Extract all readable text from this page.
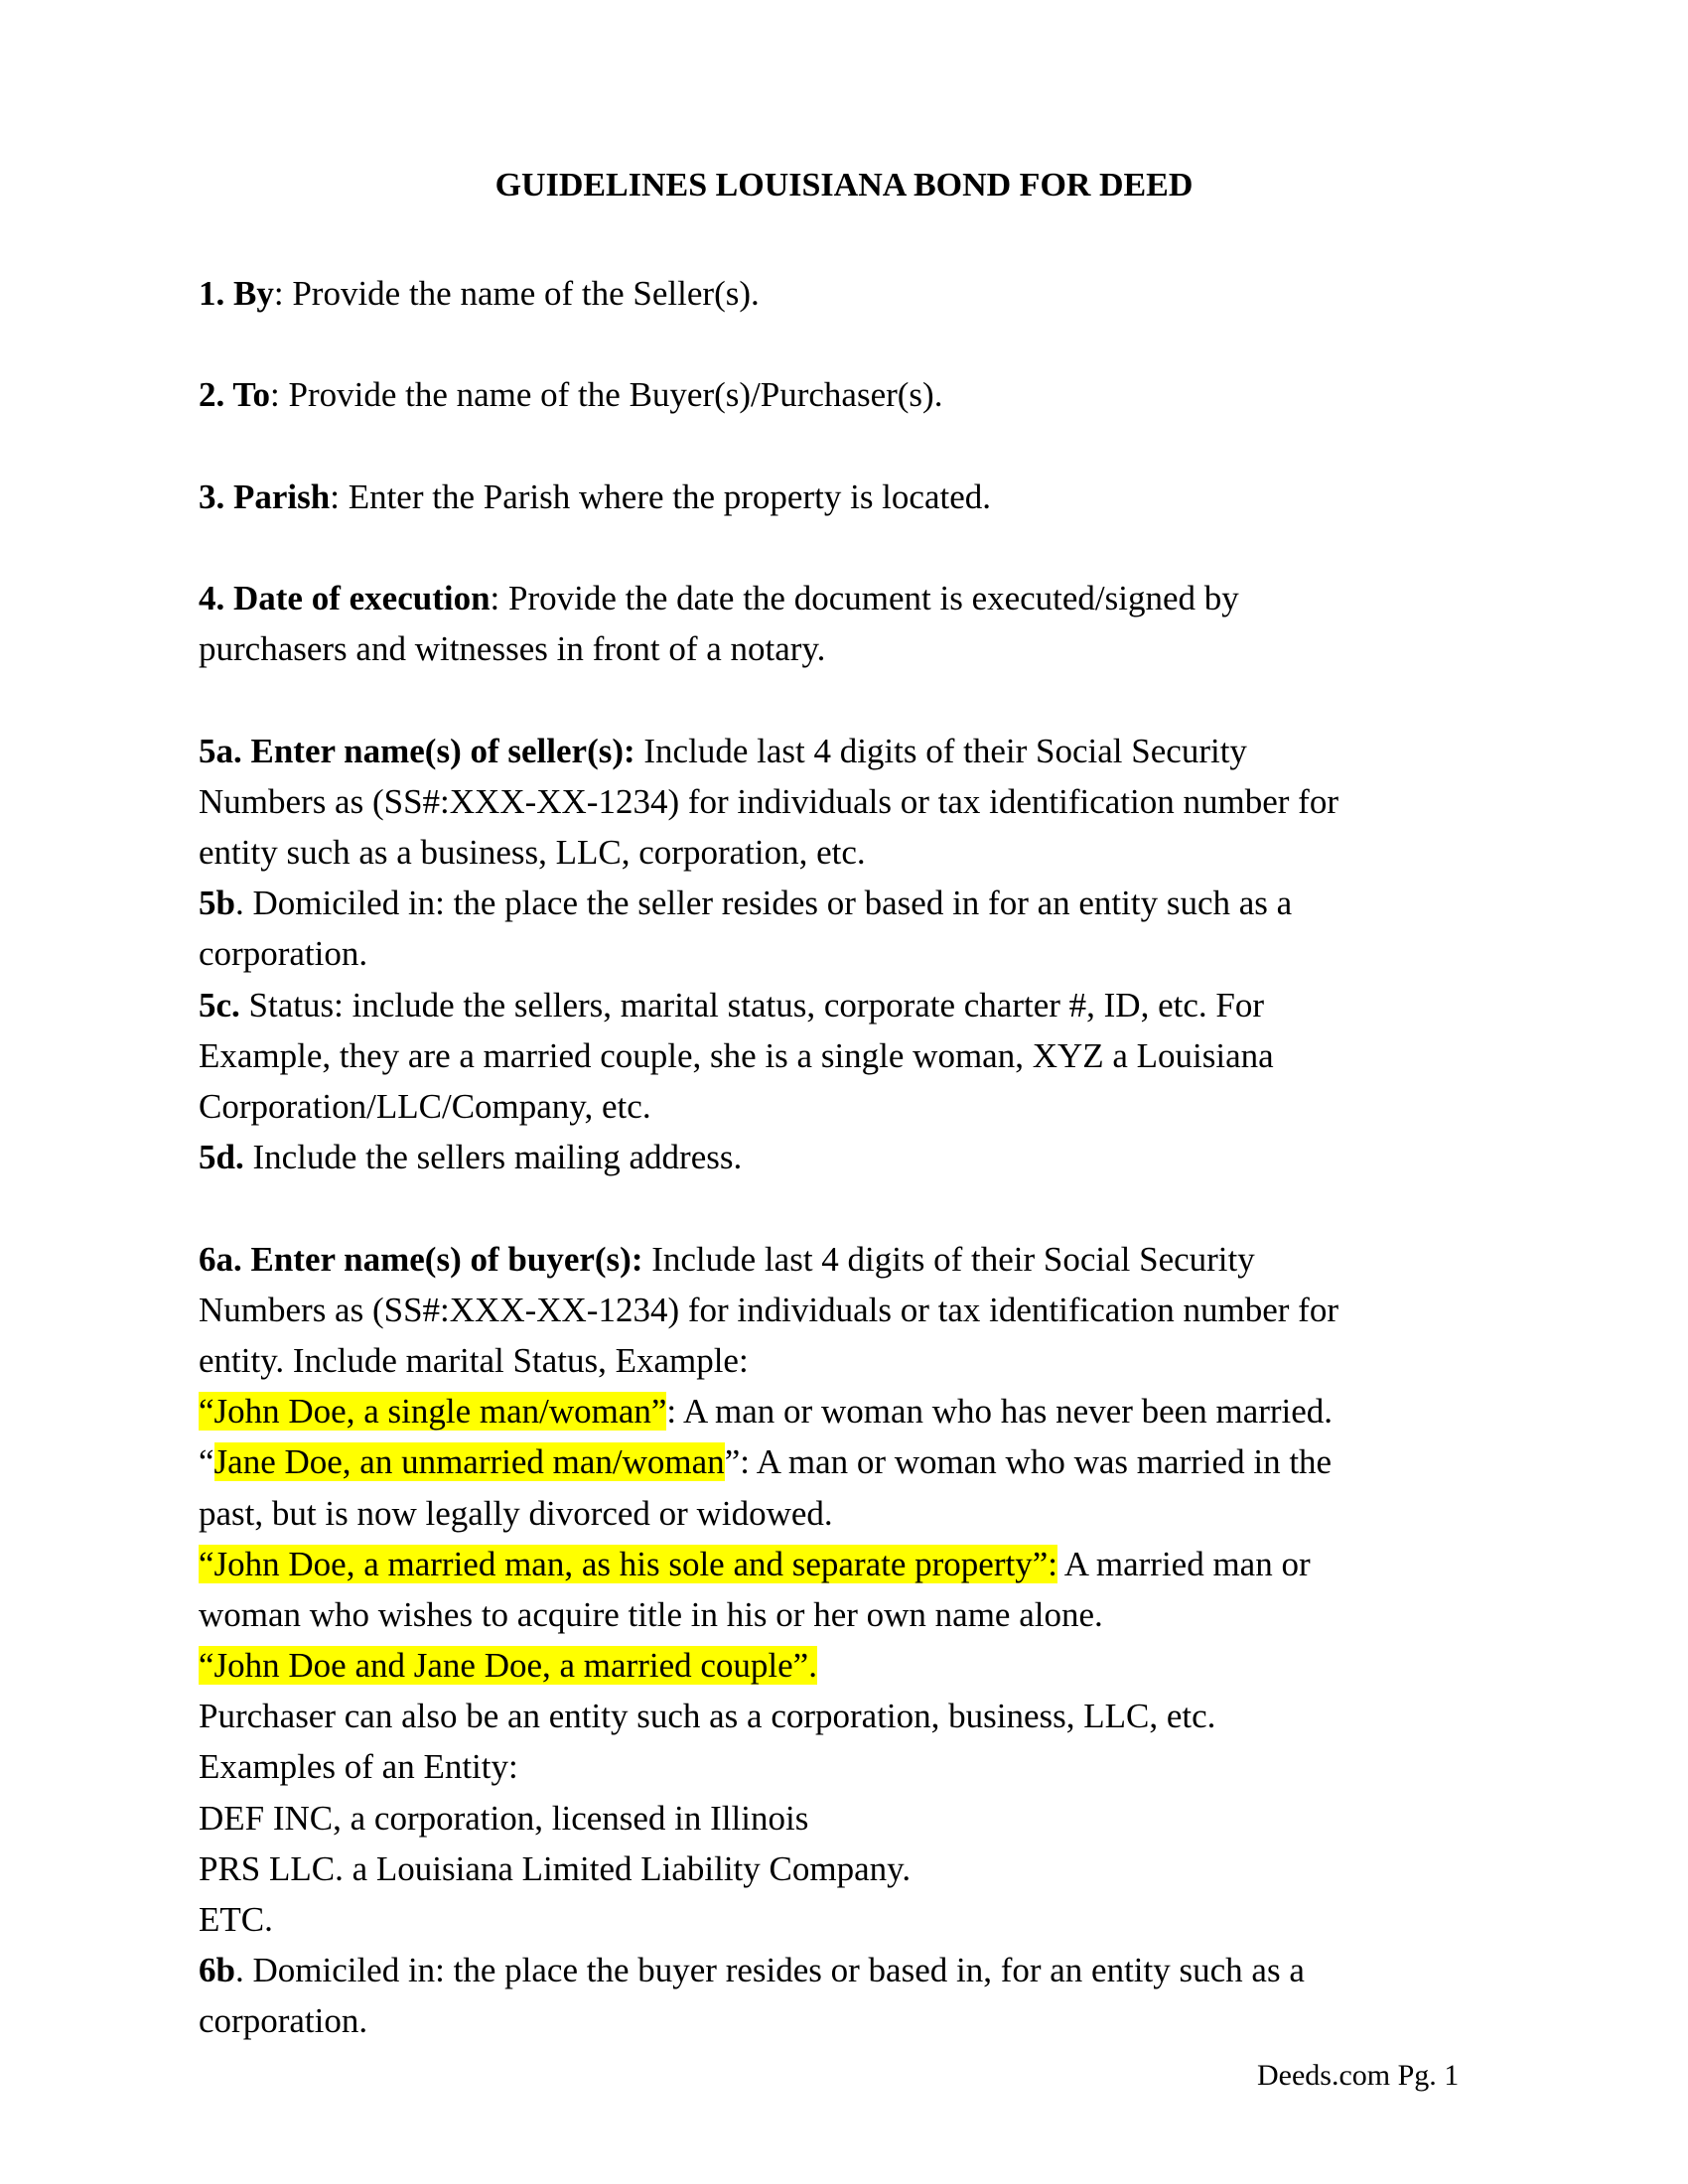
GUIDELINES LOUISIANA BOND FOR DEED
1. By: Provide the name of the Seller(s).
2. To: Provide the name of the Buyer(s)/Purchaser(s).
3. Parish: Enter the Parish where the property is located.
4. Date of execution: Provide the date the document is executed/signed by
purchasers and witnesses in front of a notary.
5a. Enter name(s) of seller(s): Include last 4 digits of their Social Security
Numbers as (SS#:XXX-XX-1234) for individuals or tax identification number for
entity such as a business, LLC, corporation, etc.
5b. Domiciled in: the place the seller resides or based in for an entity such as a
corporation.
5c. Status: include the sellers, marital status, corporate charter #, ID, etc. For
Example, they are a married couple, she is a single woman, XYZ a Louisiana
Corporation/LLC/Company, etc.
5d. Include the sellers mailing address.
6a. Enter name(s) of buyer(s): Include last 4 digits of their Social Security
Numbers as (SS#:XXX-XX-1234) for individuals or tax identification number for
entity. Include marital Status, Example:
“John Doe, a single man/woman”: A man or woman who has never been married.
“Jane Doe, an unmarried man/woman”: A man or woman who was married in the
past, but is now legally divorced or widowed.
“John Doe, a married man, as his sole and separate property”: A married man or
woman who wishes to acquire title in his or her own name alone.
“John Doe and Jane Doe, a married couple”.
Purchaser can also be an entity such as a corporation, business, LLC, etc.
Examples of an Entity:
DEF INC, a corporation, licensed in Illinois
PRS LLC. a Louisiana Limited Liability Company.
ETC.
6b. Domiciled in: the place the buyer resides or based in, for an entity such as a
corporation.
Deeds.com Pg. 1
